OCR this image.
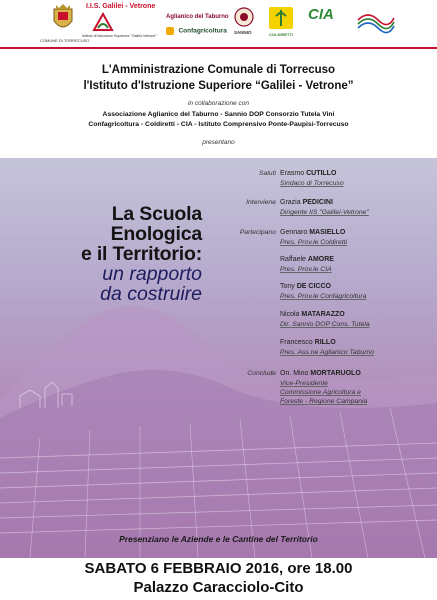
COMUNE DI TORRECUSO
I.I.S. Galilei - Vetrone
Istituto di Istruzione Superiore "Galilei-Vetrone"
Aglianico del Taburno
Confagricoltura SANNIO	COLDIRETTI
CIA
L'Amministrazione Comunale di Torrecuso
l'Istituto d'Istruzione Superiore “Galilei - Vetrone”
in collaborazione con
Associazione Aglianico del Taburno - Sannio DOP Consorzio Tutela Vini
Confagricoltura - Coldiretti - CIA - Istituto Comprensivo Ponte-Paupisi-Torrecuso
presentano
La Scuola
Enologica
e il Territorio:
un rapporto
da costruire
Saluti Erasmo CUTILLO
Sindaco di Torrecuso
Interviene Grazia PEDICINI
Dirigente IIS "Galilei-Vetrone"
Partecipano Gennaro MASIELLO
Pres. Prov.le Coldiretti
Raffaele AMORE
Pres. Prov.le CIA
Tony DE CICCO
Pres. Prov.le Confagricoltura
Nicola MATARAZZO
Dir. Sannio DOP Cons. Tutela
Francesco RILLO
Pres. Ass.ne Aglianico Taburno
Conclude On. Mino MORTARUOLO
Vice-Presidente
Commissione Agricoltura e
Foreste - Regione Campania
Presenziano le Aziende e le Cantine del Territorio
SABATO 6 FEBBRAIO 2016, ore 18.00
Palazzo Caracciolo-Cito
